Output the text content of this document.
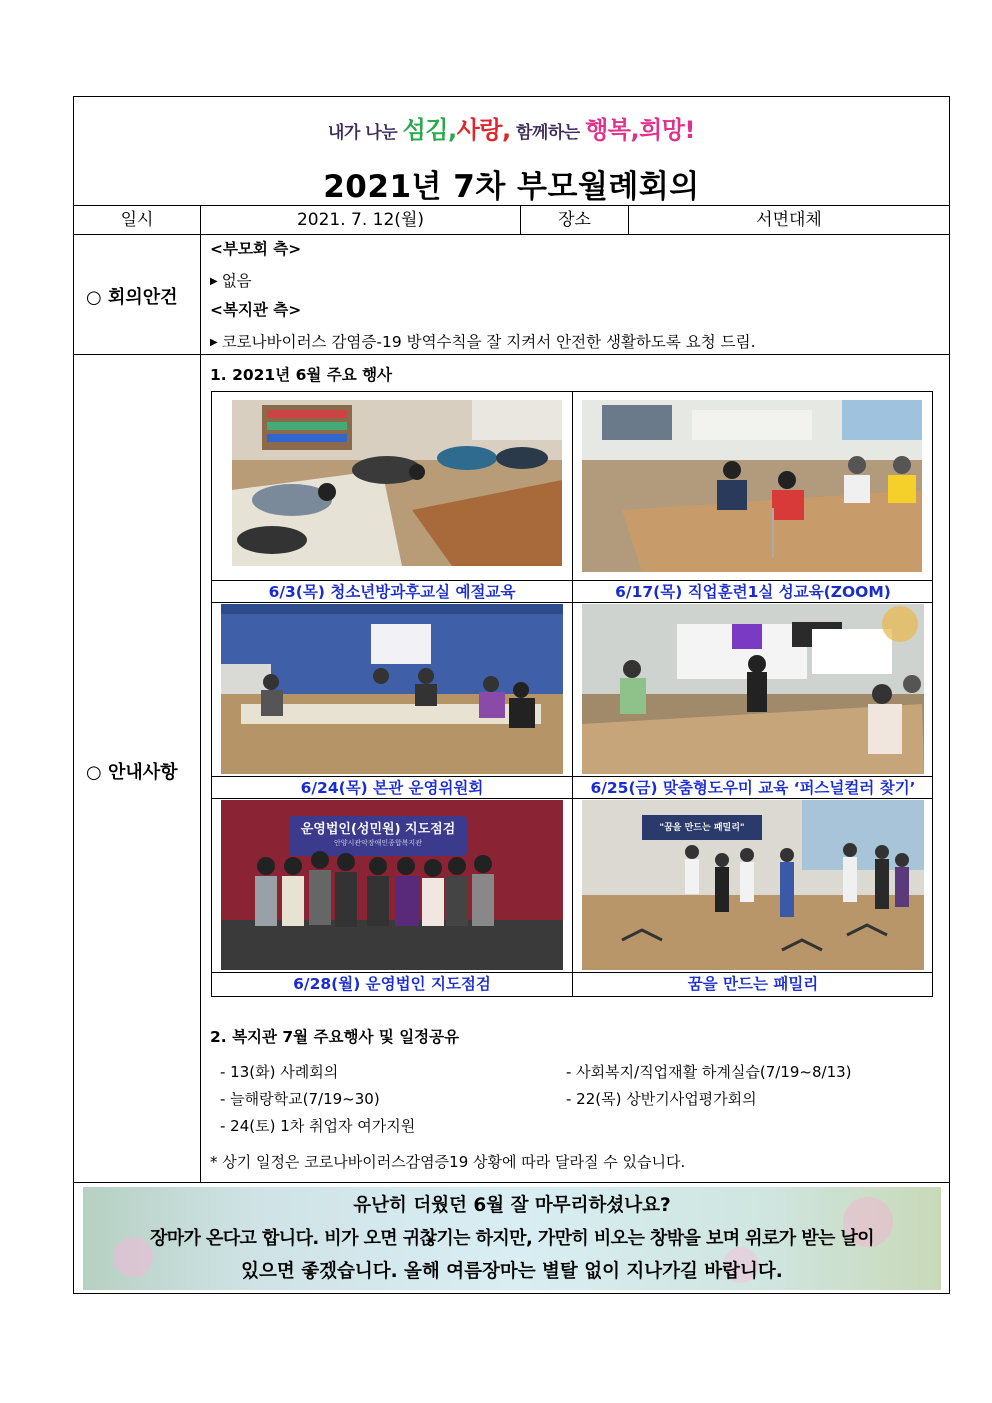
내가 나눈 섬김,사랑, 함께하는 행복,희망!
2021년 7차 부모월례회의
일시	2021. 7. 12(월)	장소	서면대체
○ 회의안건
<부모회 측>
▶ 없음
<복지관 측>
▶ 코로나바이러스 감염증-19 방역수칙을 잘 지켜서 안전한 생활하도록 요청 드림.
○ 안내사항
1. 2021년 6월 주요 행사
6/3(목) 청소년방과후교실 예절교육	6/17(목) 직업훈련1실 성교육(ZOOM)
6/24(목) 본관 운영위원회	6/25(금) 맞춤형도우미 교육 ‘퍼스널컬러 찾기’
운영법인(성민원) 지도점검
안양시관악장애인종합복지관
6/28(월) 운영법인 지도점검
"꿈을 만드는 패밀리"
꿈을 만드는 패밀리
2. 복지관 7월 주요행사 및 일정공유
- 13(화) 사례회의
- 늘해랑학교(7/19~30)
- 24(토) 1차 취업자 여가지원
- 사회복지/직업재활 하계실습(7/19~8/13)
- 22(목) 상반기사업평가회의
* 상기 일정은 코로나바이러스감염증19 상황에 따라 달라질 수 있습니다.
유난히 더웠던 6월 잘 마무리하셨나요?
장마가 온다고 합니다. 비가 오면 귀찮기는 하지만, 가만히 비오는 창밖을 보며 위로가 받는 날이
있으면 좋겠습니다. 올해 여름장마는 별탈 없이 지나가길 바랍니다.
